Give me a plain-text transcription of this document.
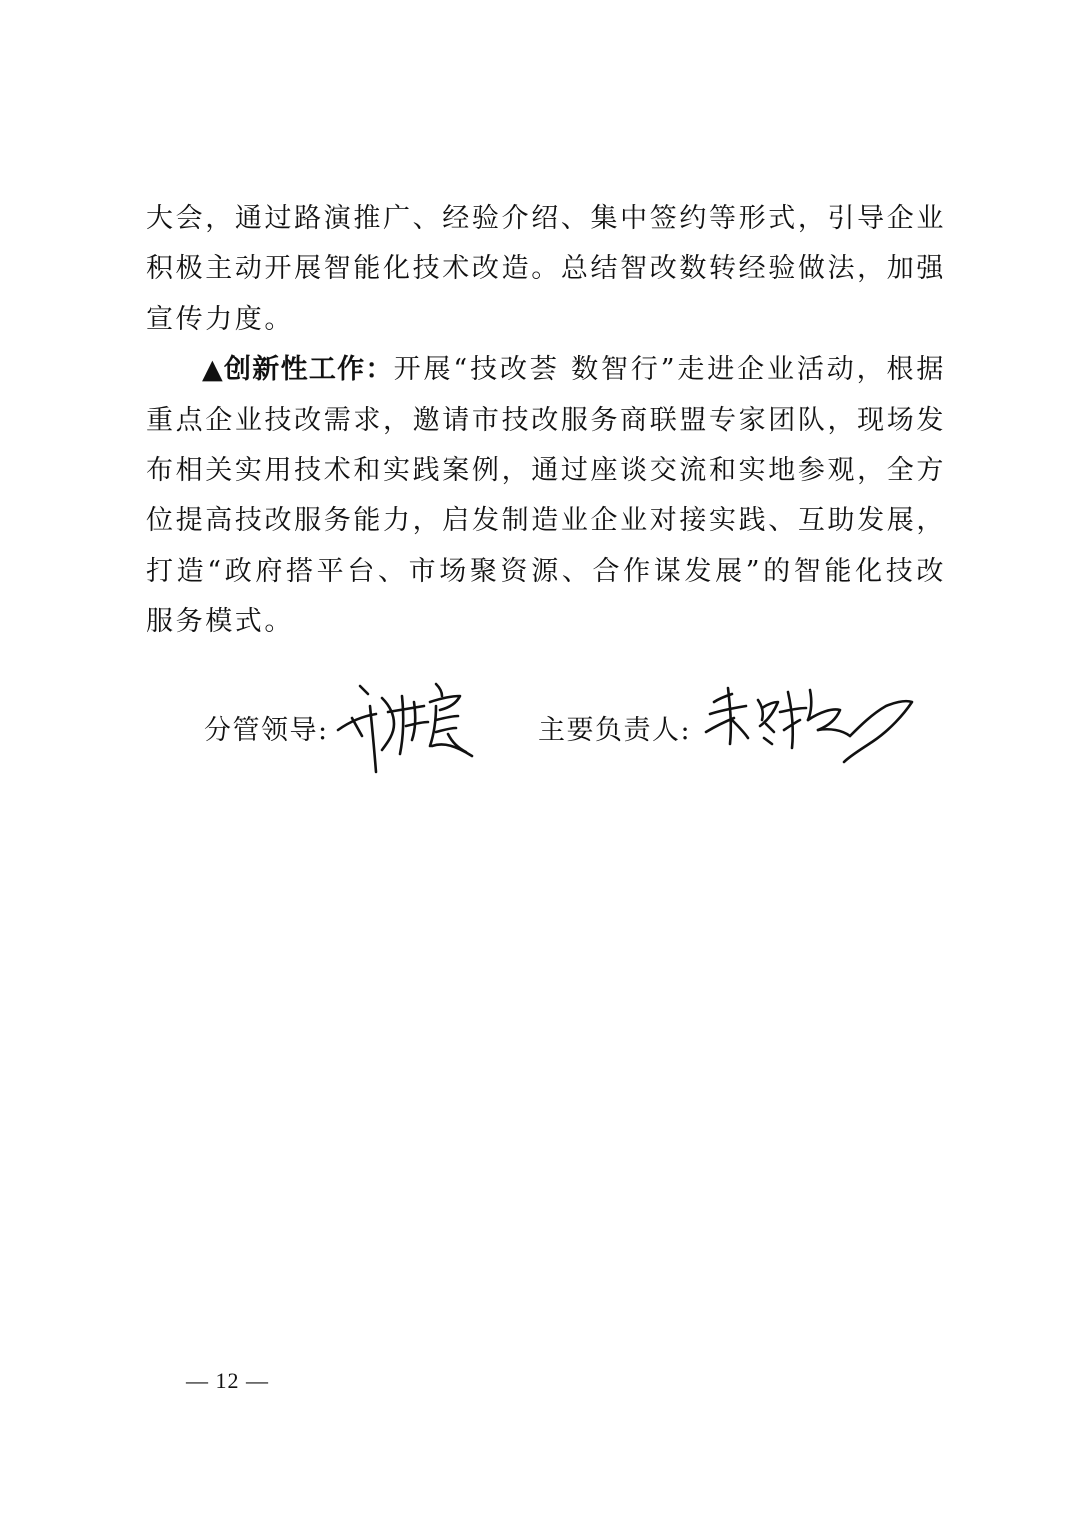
大会，通过路演推广、经验介绍、集中签约等形式，引导企业积极主动开展智能化技术改造。总结智改数转经验做法，加强宣传力度。

▲创新性工作：开展“技改荟 数智行”走进企业活动，根据重点企业技改需求，邀请市技改服务商联盟专家团队，现场发布相关实用技术和实践案例，通过座谈交流和实地参观，全方位提高技改服务能力，启发制造业企业对接实践、互助发展，打造“政府搭平台、市场聚资源、合作谋发展”的智能化技改服务模式。

分管领导:	主要负责人:
— 12 —
